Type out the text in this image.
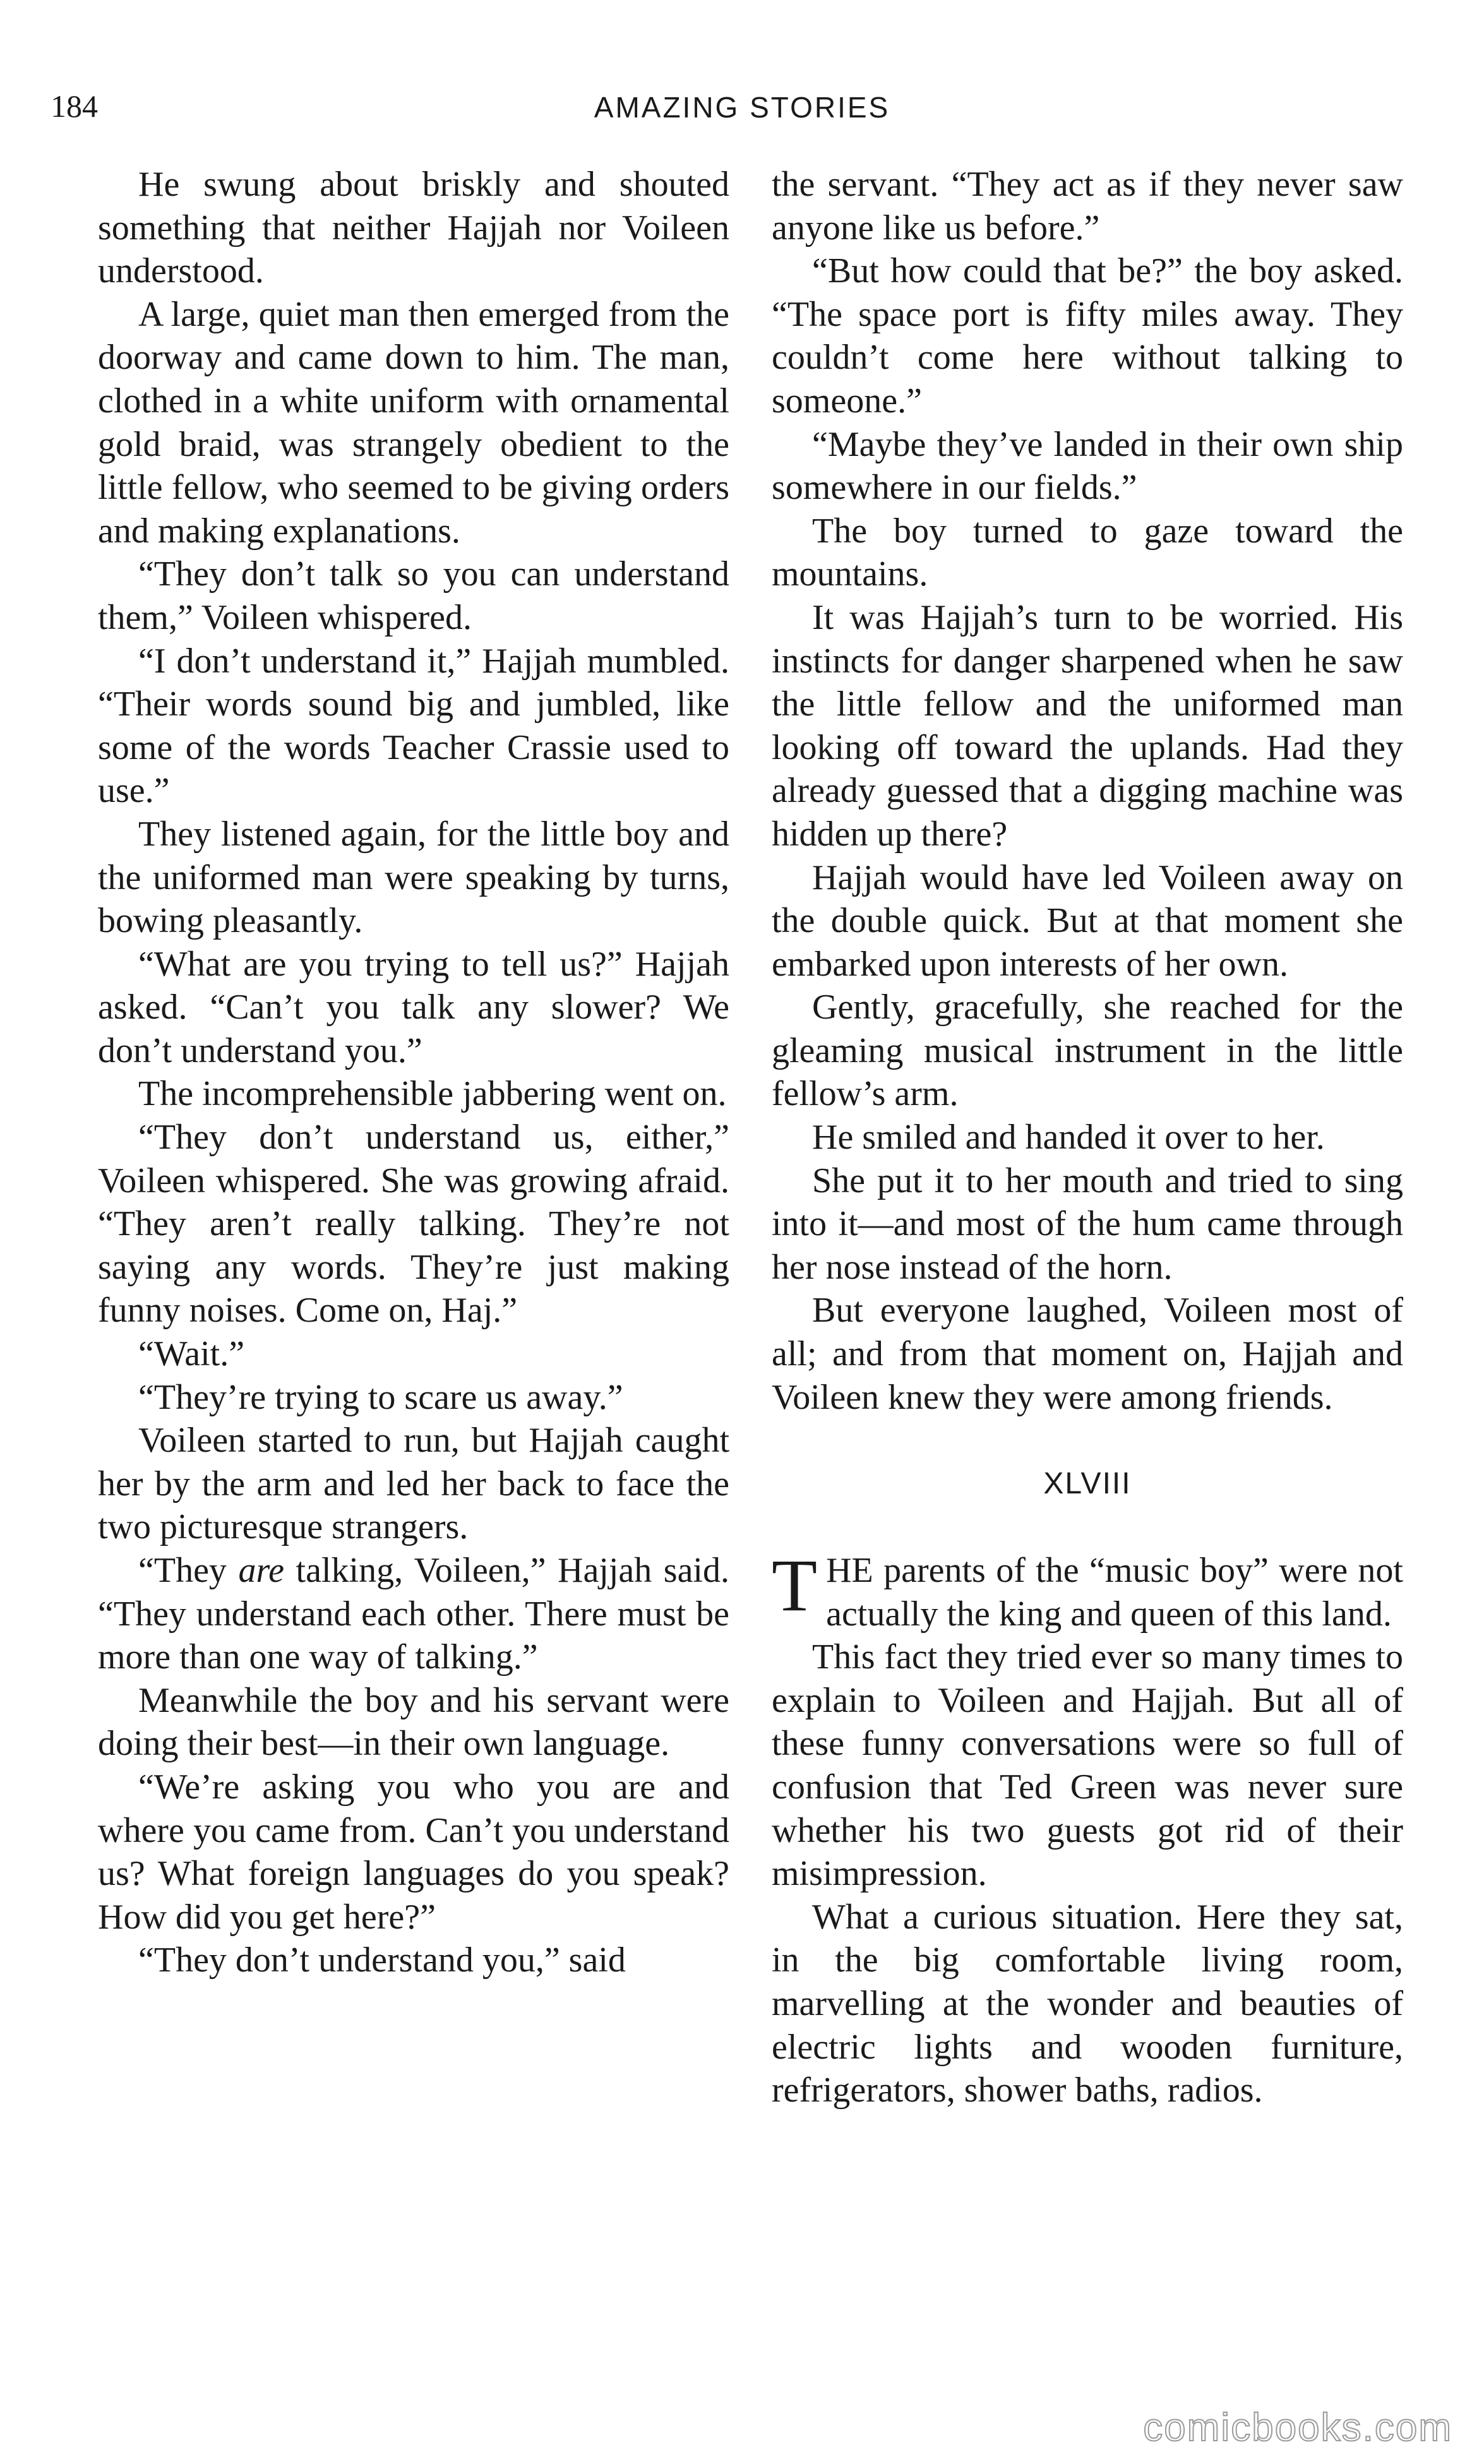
184	AMAZING STORIES

He swung about briskly and shouted something that neither Hajjah nor Voileen understood.

A large, quiet man then emerged from the doorway and came down to him. The man, clothed in a white uniform with ornamental gold braid, was strangely obedient to the little fellow, who seemed to be giving orders and making explanations.

“They don’t talk so you can understand them,” Voileen whispered.

“I don’t understand it,” Hajjah mumbled. “Their words sound big and jumbled, like some of the words Teacher Crassie used to use.”

They listened again, for the little boy and the uniformed man were speaking by turns, bowing pleasantly.

“What are you trying to tell us?” Hajjah asked. “Can’t you talk any slower? We don’t understand you.”

The incomprehensible jabbering went on.

“They don’t understand us, either,” Voileen whispered. She was growing afraid. “They aren’t really talking. They’re not saying any words. They’re just making funny noises. Come on, Haj.”

“Wait.”

“They’re trying to scare us away.”

Voileen started to run, but Hajjah caught her by the arm and led her back to face the two picturesque strangers.

“They are talking, Voileen,” Hajjah said. “They understand each other. There must be more than one way of talking.”

Meanwhile the boy and his servant were doing their best—in their own language.

“We’re asking you who you are and where you came from. Can’t you understand us? What foreign languages do you speak? How did you get here?”

“They don’t understand you,” said

the servant. “They act as if they never saw anyone like us before.”

“But how could that be?” the boy asked. “The space port is fifty miles away. They couldn’t come here without talking to someone.”

“Maybe they’ve landed in their own ship somewhere in our fields.”

The boy turned to gaze toward the mountains.

It was Hajjah’s turn to be worried. His instincts for danger sharpened when he saw the little fellow and the uniformed man looking off toward the uplands. Had they already guessed that a digging machine was hidden up there?

Hajjah would have led Voileen away on the double quick. But at that moment she embarked upon interests of her own.

Gently, gracefully, she reached for the gleaming musical instrument in the little fellow’s arm.

He smiled and handed it over to her.

She put it to her mouth and tried to sing into it—and most of the hum came through her nose instead of the horn.

But everyone laughed, Voileen most of all; and from that moment on, Hajjah and Voileen knew they were among friends.

XLVIII

THE parents of the “music boy” were not actually the king and queen of this land.

This fact they tried ever so many times to explain to Voileen and Hajjah. But all of these funny conversations were so full of confusion that Ted Green was never sure whether his two guests got rid of their misimpression.

What a curious situation. Here they sat, in the big comfortable living room, marvelling at the wonder and beauties of electric lights and wooden furniture, refrigerators, shower baths, radios.

comicbooks.com
